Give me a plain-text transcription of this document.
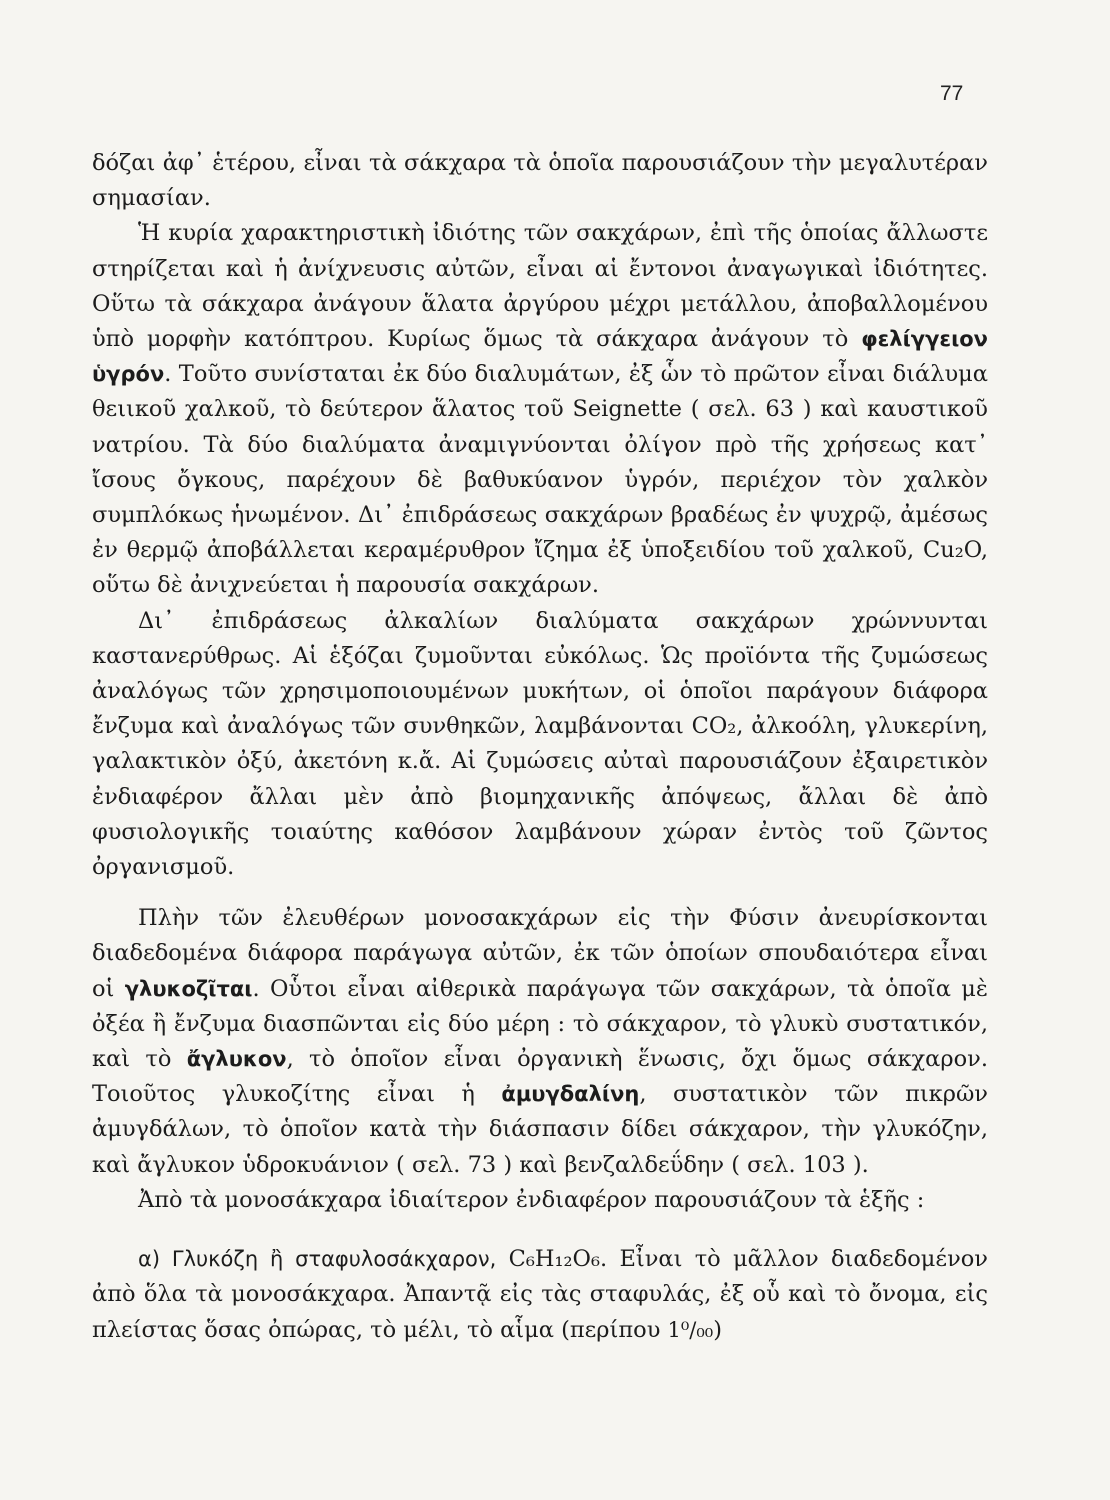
77

δόζαι ἀφ᾽ ἑτέρου, εἶναι τὰ σάκχαρα τὰ ὁποῖα παρουσιάζουν τὴν μεγαλυτέραν σημασίαν.

Ἡ κυρία χαρακτηριστικὴ ἰδιότης τῶν σακχάρων, ἐπὶ τῆς ὁποίας ἄλλωστε στηρίζεται καὶ ἡ ἀνίχνευσις αὐτῶν, εἶναι αἱ ἔντονοι ἀναγωγικαὶ ἰδιότητες. Οὕτω τὰ σάκχαρα ἀνάγουν ἅλατα ἀργύρου μέχρι μετάλλου, ἀποβαλλομένου ὑπὸ μορφὴν κατόπτρου. Κυρίως ὅμως τὰ σάκχαρα ἀνάγουν τὸ φελίγγειον ὑγρόν. Τοῦτο συνίσταται ἐκ δύο διαλυμάτων, ἐξ ὧν τὸ πρῶτον εἶναι διάλυμα θειικοῦ χαλκοῦ, τὸ δεύτερον ἅλατος τοῦ Seignette ( σελ. 63 ) καὶ καυστικοῦ νατρίου. Τὰ δύο διαλύματα ἀναμιγνύονται ὀλίγον πρὸ τῆς χρήσεως κατ᾽ ἴσους ὄγκους, παρέχουν δὲ βαθυκύανον ὑγρόν, περιέχον τὸν χαλκὸν συμπλόκως ἡνωμένον. Δι᾽ ἐπιδράσεως σακχάρων βραδέως ἐν ψυχρῷ, ἀμέσως ἐν θερμῷ ἀποβάλλεται κεραμέρυθρον ἴζημα ἐξ ὑποξειδίου τοῦ χαλκοῦ, Cu₂O, οὕτω δὲ ἀνιχνεύεται ἡ παρουσία σακχάρων.

Δι᾽ ἐπιδράσεως ἀλκαλίων διαλύματα σακχάρων χρώννυνται καστανερύθρως. Αἱ ἑξόζαι ζυμοῦνται εὐκόλως. Ὡς προϊόντα τῆς ζυμώσεως ἀναλόγως τῶν χρησιμοποιουμένων μυκήτων, οἱ ὁποῖοι παράγουν διάφορα ἔνζυμα καὶ ἀναλόγως τῶν συνθηκῶν, λαμβάνονται CO₂, ἀλκοόλη, γλυκερίνη, γαλακτικὸν ὀξύ, ἀκετόνη κ.ἄ. Αἱ ζυμώσεις αὐταὶ παρουσιάζουν ἐξαιρετικὸν ἐνδιαφέρον ἄλλαι μὲν ἀπὸ βιομηχανικῆς ἀπόψεως, ἄλλαι δὲ ἀπὸ φυσιολογικῆς τοιαύτης καθόσον λαμβάνουν χώραν ἐντὸς τοῦ ζῶντος ὀργανισμοῦ.

Πλὴν τῶν ἐλευθέρων μονοσακχάρων εἰς τὴν Φύσιν ἀνευρίσκονται διαδεδομένα διάφορα παράγωγα αὐτῶν, ἐκ τῶν ὁποίων σπουδαιότερα εἶναι οἱ γλυκοζῖται. Οὗτοι εἶναι αἰθερικὰ παράγωγα τῶν σακχάρων, τὰ ὁποῖα μὲ ὀξέα ἢ ἔνζυμα διασπῶνται εἰς δύο μέρη : τὸ σάκχαρον, τὸ γλυκὺ συστατικόν, καὶ τὸ ἄγλυκον, τὸ ὁποῖον εἶναι ὀργανικὴ ἕνωσις, ὄχι ὅμως σάκχαρον. Τοιοῦτος γλυκοζίτης εἶναι ἡ ἀμυγδαλίνη, συστατικὸν τῶν πικρῶν ἀμυγδάλων, τὸ ὁποῖον κατὰ τὴν διάσπασιν δίδει σάκχαρον, τὴν γλυκόζην, καὶ ἄγλυκον ὑδροκυάνιον ( σελ. 73 ) καὶ βενζαλδεΰδην ( σελ. 103 ).

Ἀπὸ τὰ μονοσάκχαρα ἰδιαίτερον ἐνδιαφέρον παρουσιάζουν τὰ ἑξῆς :

α) Γλυκόζη ἢ σταφυλοσάκχαρον, C₆H₁₂O₆. Εἶναι τὸ μᾶλλον διαδεδομένον ἀπὸ ὅλα τὰ μονοσάκχαρα. Ἀπαντᾷ εἰς τὰς σταφυλάς, ἐξ οὗ καὶ τὸ ὄνομα, εἰς πλείστας ὅσας ὀπώρας, τὸ μέλι, τὸ αἷμα (περίπου 1⁰/₀₀)
